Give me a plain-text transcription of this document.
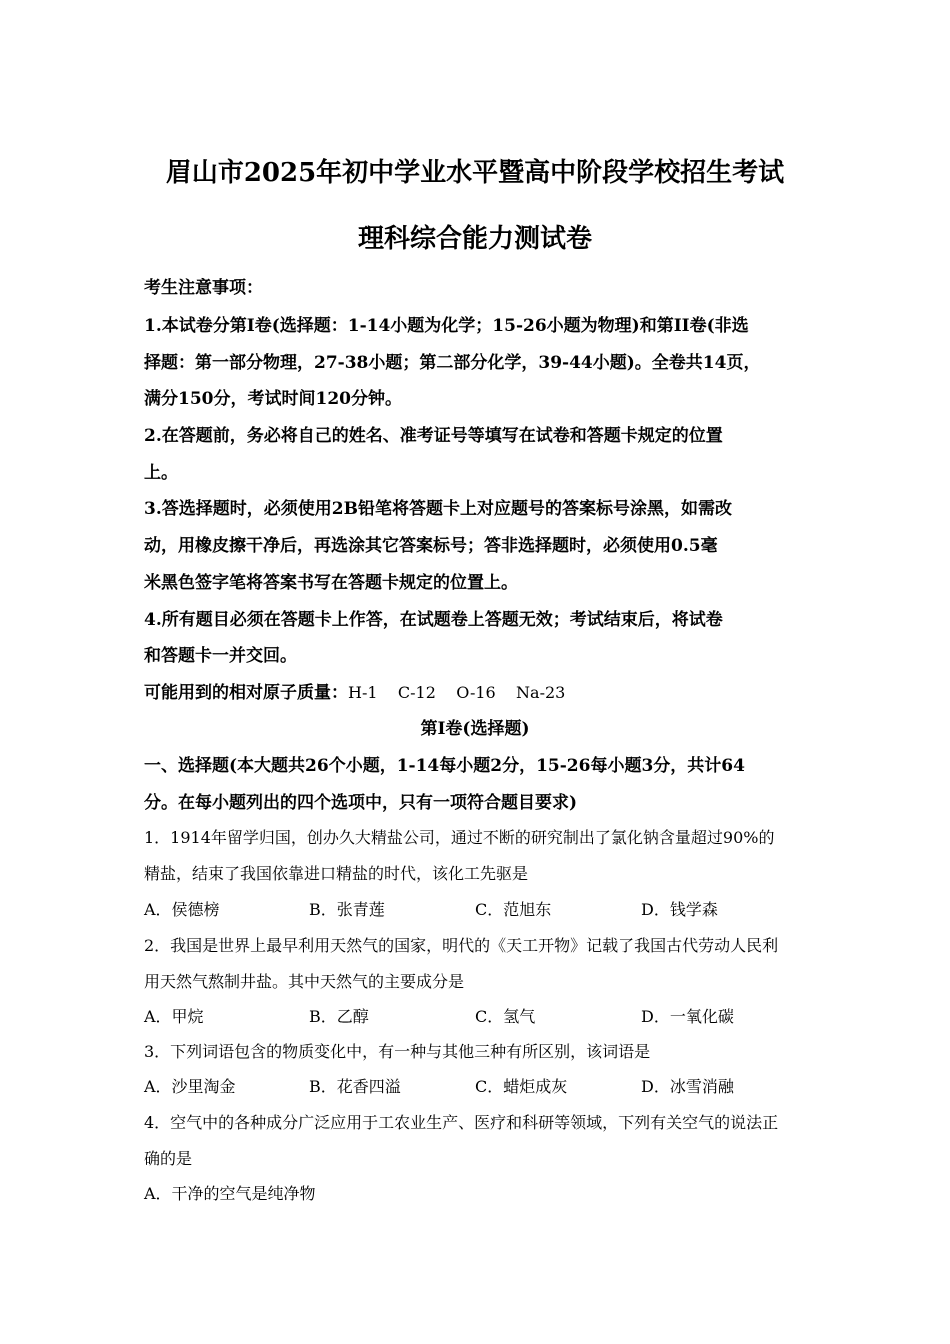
眉山市2025年初中学业水平暨高中阶段学校招生考试
理科综合能力测试卷
考生注意事项：
1.本试卷分第I卷(选择题：1-14小题为化学；15-26小题为物理)和第II卷(非选
择题：第一部分物理，27-38小题；第二部分化学，39-44小题)。全卷共14页，
满分150分，考试时间120分钟。
2.在答题前，务必将自己的姓名、准考证号等填写在试卷和答题卡规定的位置
上。
3.答选择题时，必须使用2B铅笔将答题卡上对应题号的答案标号涂黑，如需改
动，用橡皮擦干净后，再选涂其它答案标号；答非选择题时，必须使用0.5毫
米黑色签字笔将答案书写在答题卡规定的位置上。
4.所有题目必须在答题卡上作答，在试题卷上答题无效；考试结束后，将试卷
和答题卡一并交回。
可能用到的相对原子质量：H-1    C-12    O-16    Na-23
第I卷(选择题)
一、选择题(本大题共26个小题，1-14每小题2分，15-26每小题3分，共计64
分。在每小题列出的四个选项中，只有一项符合题目要求)
1．1914年留学归国，创办久大精盐公司，通过不断的研究制出了氯化钠含量超过90%的
精盐，结束了我国依靠进口精盐的时代，该化工先驱是
A．侯德榜	B．张青莲	C．范旭东	D．钱学森
2．我国是世界上最早利用天然气的国家，明代的《天工开物》记载了我国古代劳动人民利
用天然气熬制井盐。其中天然气的主要成分是
A．甲烷	B．乙醇	C．氢气	D．一氧化碳
3．下列词语包含的物质变化中，有一种与其他三种有所区别，该词语是
A．沙里淘金	B．花香四溢	C．蜡炬成灰	D．冰雪消融
4．空气中的各种成分广泛应用于工农业生产、医疗和科研等领域，下列有关空气的说法正
确的是
A．干净的空气是纯净物
